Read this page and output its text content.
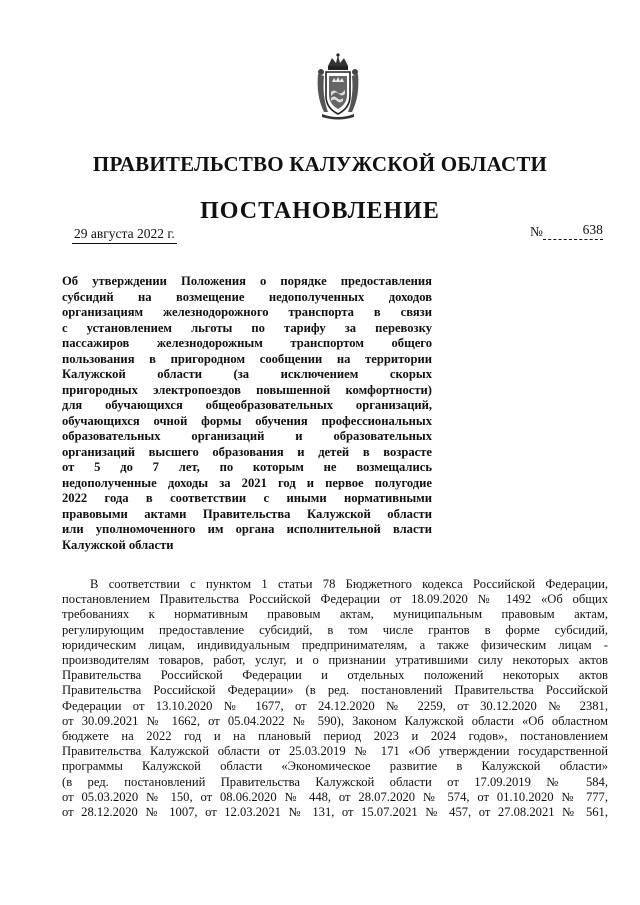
ПРАВИТЕЛЬСТВО КАЛУЖСКОЙ ОБЛАСТИ
ПОСТАНОВЛЕНИЕ
29 августа 2022 г.	№	638
Об утверждении Положения о порядке предоставления
субсидий на возмещение недополученных доходов
организациям железнодорожного транспорта в связи
с установлением льготы по тарифу за перевозку
пассажиров железнодорожным транспортом общего
пользования в пригородном сообщении на территории
Калужской области (за исключением скорых
пригородных электропоездов повышенной комфортности)
для обучающихся общеобразовательных организаций,
обучающихся очной формы обучения профессиональных
образовательных организаций и образовательных
организаций высшего образования и детей в возрасте
от 5 до 7 лет, по которым не возмещались
недополученные доходы за 2021 год и первое полугодие
2022 года в соответствии с иными нормативными
правовыми актами Правительства Калужской области
или уполномоченного им органа исполнительной власти
Калужской области
В соответствии с пунктом 1 статьи 78 Бюджетного кодекса Российской Федерации,
постановлением Правительства Российской Федерации от 18.09.2020 № 1492 «Об общих
требованиях к нормативным правовым актам, муниципальным правовым актам,
регулирующим предоставление субсидий, в том числе грантов в форме субсидий,
юридическим лицам, индивидуальным предпринимателям, а также физическим лицам -
производителям товаров, работ, услуг, и о признании утратившими силу некоторых актов
Правительства Российской Федерации и отдельных положений некоторых актов
Правительства Российской Федерации» (в ред. постановлений Правительства Российской
Федерации от 13.10.2020 № 1677, от 24.12.2020 № 2259, от 30.12.2020 № 2381,
от 30.09.2021 № 1662, от 05.04.2022 № 590), Законом Калужской области «Об областном
бюджете на 2022 год и на плановый период 2023 и 2024 годов», постановлением
Правительства Калужской области от 25.03.2019 № 171 «Об утверждении государственной
программы Калужской области «Экономическое развитие в Калужской области»
(в ред. постановлений Правительства Калужской области от 17.09.2019 № 584,
от 05.03.2020 № 150, от 08.06.2020 № 448, от 28.07.2020 № 574, от 01.10.2020 № 777,
от 28.12.2020 № 1007, от 12.03.2021 № 131, от 15.07.2021 № 457, от 27.08.2021 № 561,
